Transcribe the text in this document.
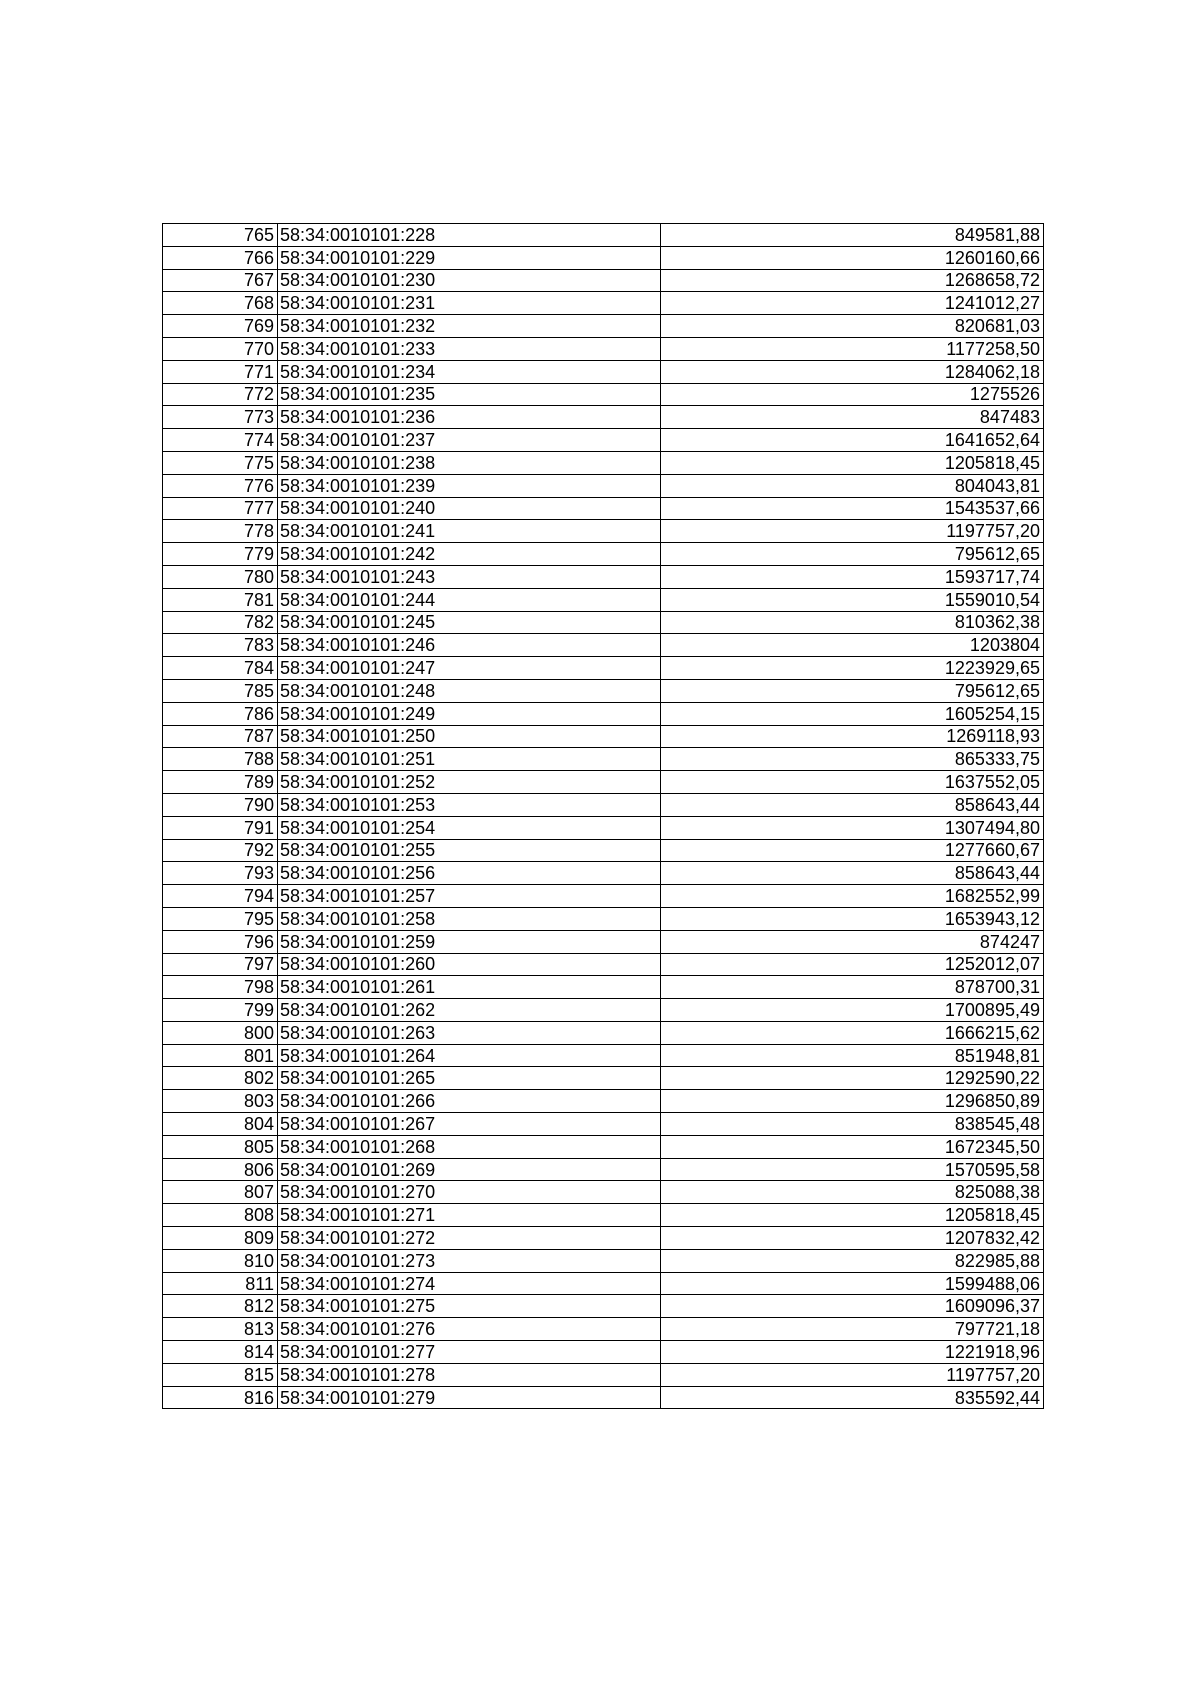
765	58:34:0010101:228	849581,88
766	58:34:0010101:229	1260160,66
767	58:34:0010101:230	1268658,72
768	58:34:0010101:231	1241012,27
769	58:34:0010101:232	820681,03
770	58:34:0010101:233	1177258,50
771	58:34:0010101:234	1284062,18
772	58:34:0010101:235	1275526
773	58:34:0010101:236	847483
774	58:34:0010101:237	1641652,64
775	58:34:0010101:238	1205818,45
776	58:34:0010101:239	804043,81
777	58:34:0010101:240	1543537,66
778	58:34:0010101:241	1197757,20
779	58:34:0010101:242	795612,65
780	58:34:0010101:243	1593717,74
781	58:34:0010101:244	1559010,54
782	58:34:0010101:245	810362,38
783	58:34:0010101:246	1203804
784	58:34:0010101:247	1223929,65
785	58:34:0010101:248	795612,65
786	58:34:0010101:249	1605254,15
787	58:34:0010101:250	1269118,93
788	58:34:0010101:251	865333,75
789	58:34:0010101:252	1637552,05
790	58:34:0010101:253	858643,44
791	58:34:0010101:254	1307494,80
792	58:34:0010101:255	1277660,67
793	58:34:0010101:256	858643,44
794	58:34:0010101:257	1682552,99
795	58:34:0010101:258	1653943,12
796	58:34:0010101:259	874247
797	58:34:0010101:260	1252012,07
798	58:34:0010101:261	878700,31
799	58:34:0010101:262	1700895,49
800	58:34:0010101:263	1666215,62
801	58:34:0010101:264	851948,81
802	58:34:0010101:265	1292590,22
803	58:34:0010101:266	1296850,89
804	58:34:0010101:267	838545,48
805	58:34:0010101:268	1672345,50
806	58:34:0010101:269	1570595,58
807	58:34:0010101:270	825088,38
808	58:34:0010101:271	1205818,45
809	58:34:0010101:272	1207832,42
810	58:34:0010101:273	822985,88
811	58:34:0010101:274	1599488,06
812	58:34:0010101:275	1609096,37
813	58:34:0010101:276	797721,18
814	58:34:0010101:277	1221918,96
815	58:34:0010101:278	1197757,20
816	58:34:0010101:279	835592,44
